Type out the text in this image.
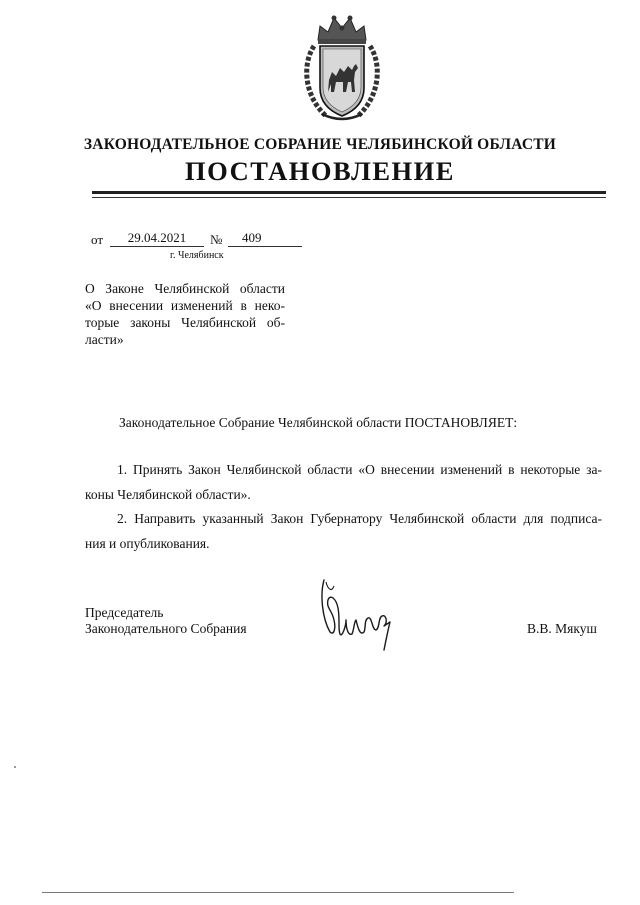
ЗАКОНОДАТЕЛЬНОЕ СОБРАНИЕ ЧЕЛЯБИНСКОЙ ОБЛАСТИ
ПОСТАНОВЛЕНИЕ
от	29.04.2021	№	409
г. Челябинск
О Законе Челябинской области
«О внесении изменений в неко-
торые законы Челябинской об-
ласти»
Законодательное Собрание Челябинской области ПОСТАНОВЛЯЕТ:
1. Принять Закон Челябинской области «О внесении изменений в некоторые за-
коны Челябинской области».
2. Направить указанный Закон Губернатору Челябинской области для подписа-
ния и опубликования.
Председатель
Законодательного Собрания	В.В. Мякуш
